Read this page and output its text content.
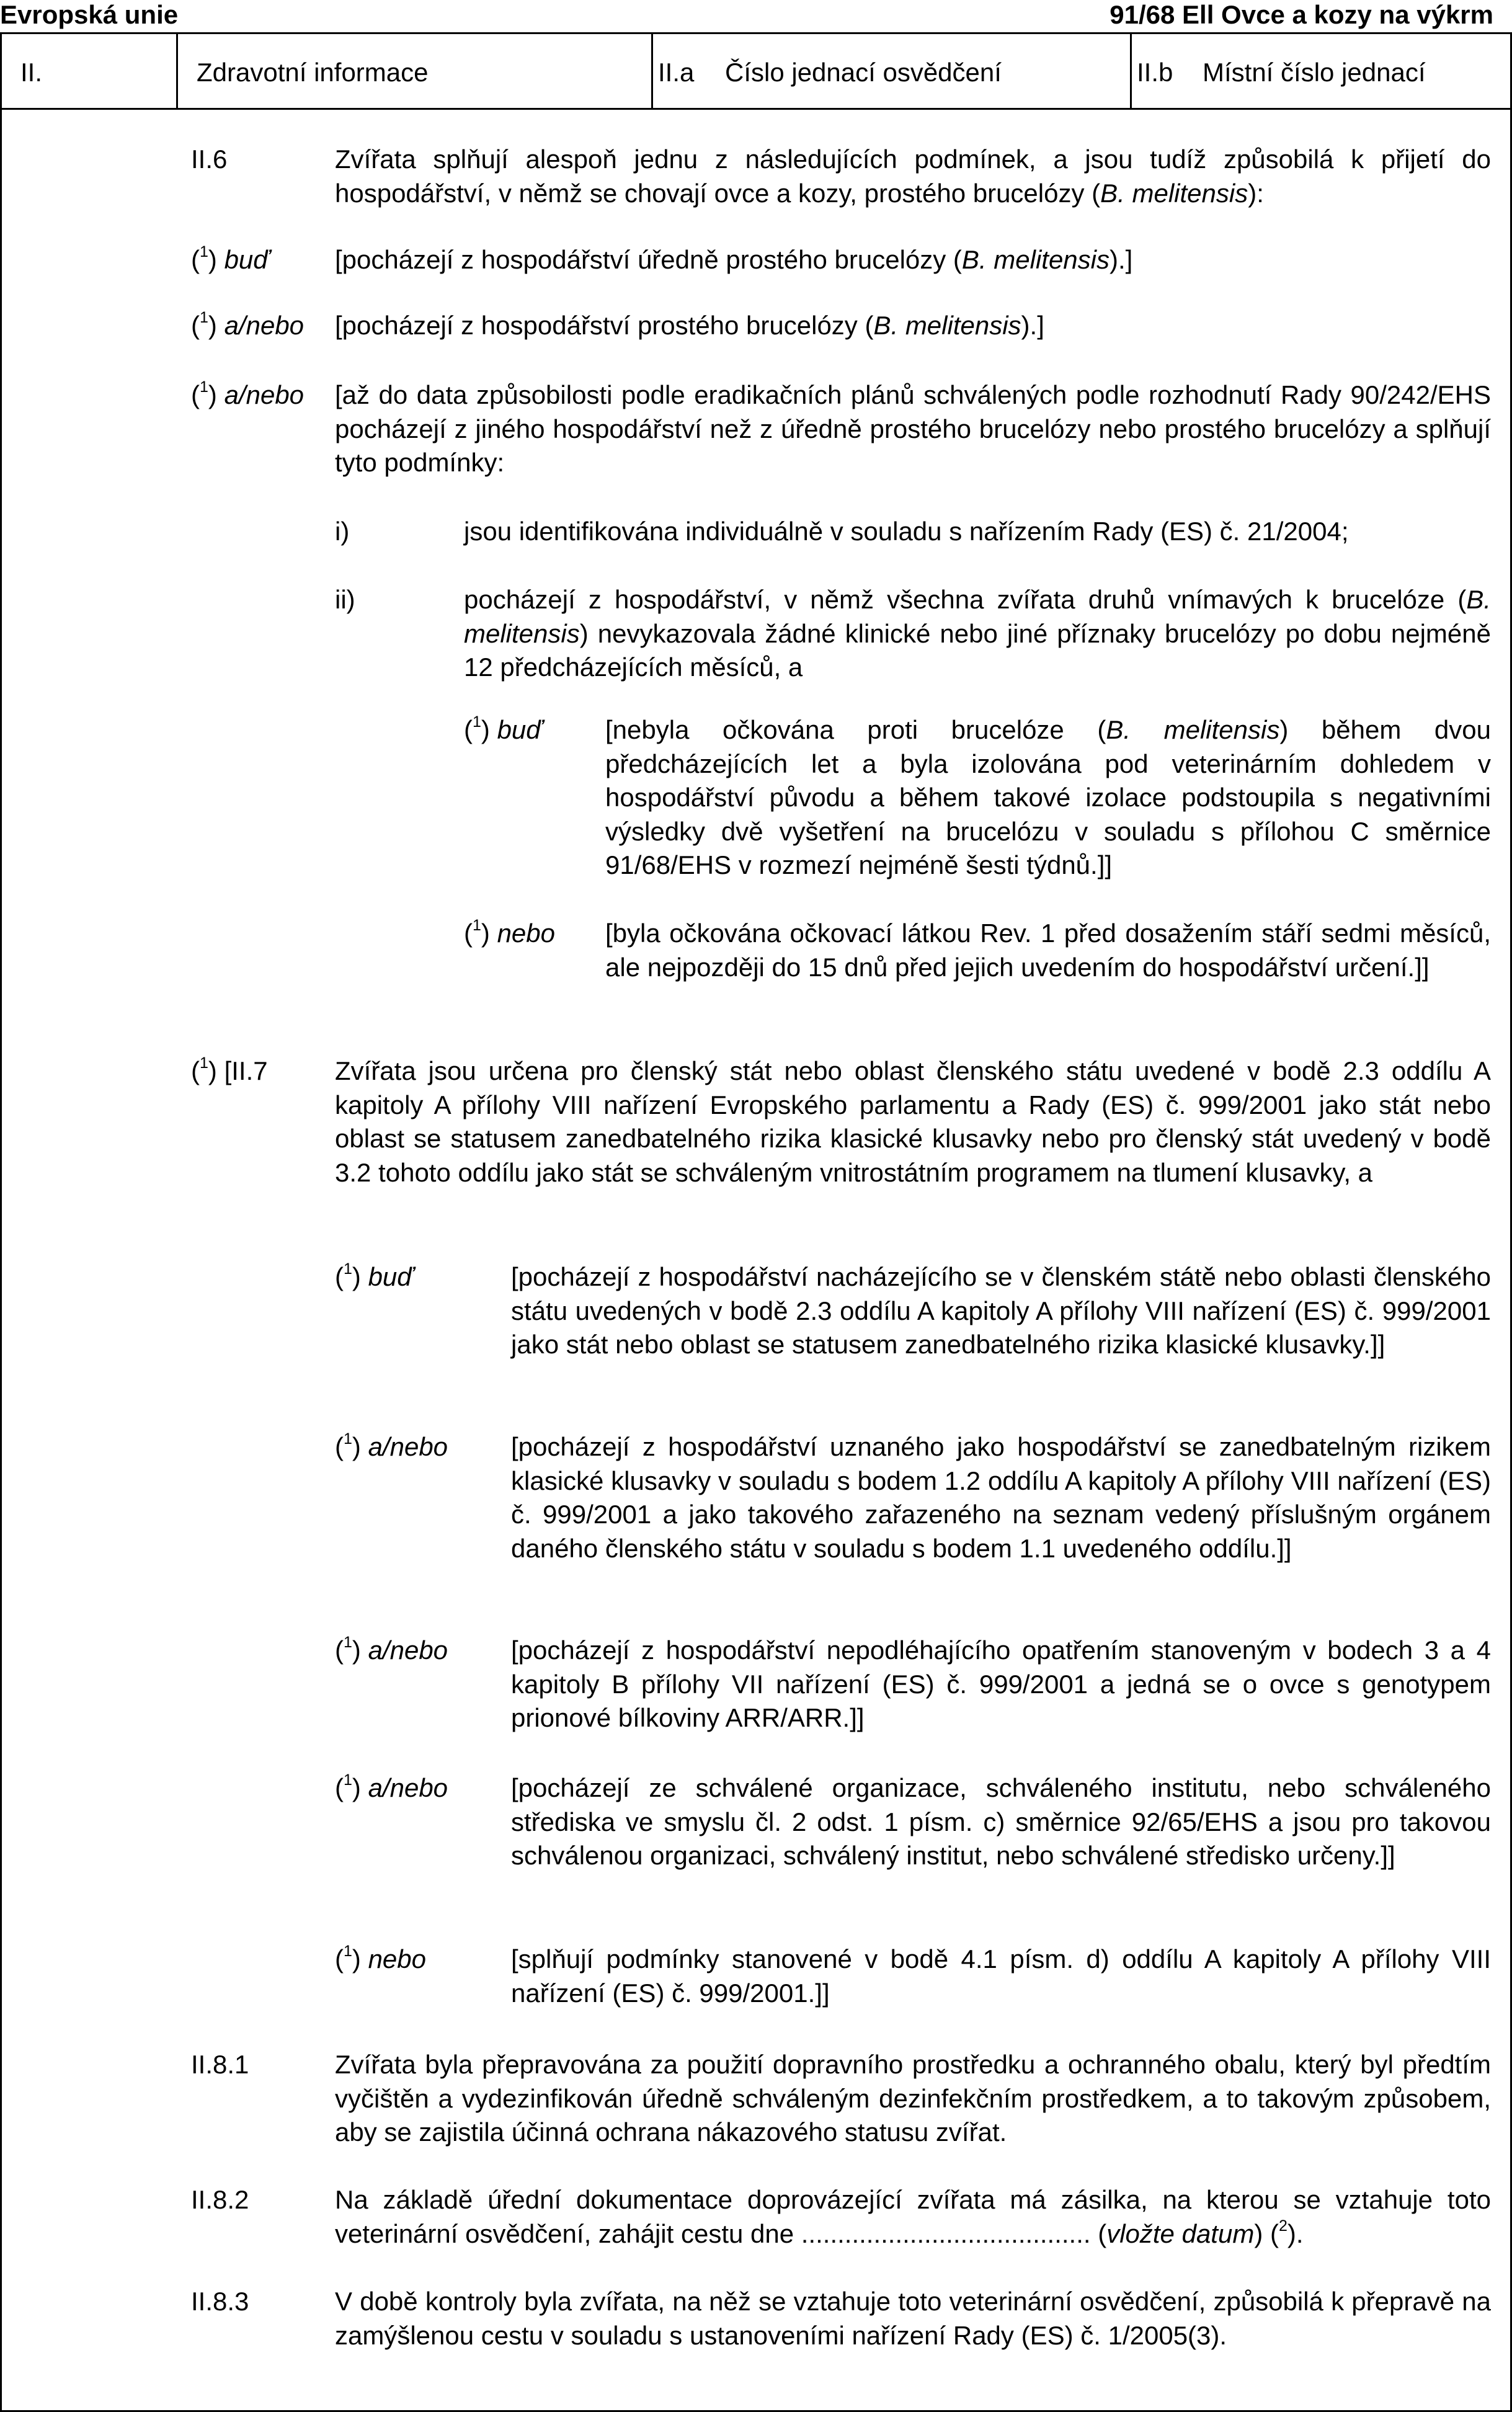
Evropská unie	91/68 Ell Ovce a kozy na výkrm
II.	Zdravotní informace	II.a Číslo jednací osvědčení	II.b Místní číslo jednací
II.6	Zvířata splňují alespoň jednu z následujících podmínek, a jsou tudíž způsobilá k přijetí do hospodářství, v němž se chovají ovce a kozy, prostého brucelózy (B. melitensis):
($^1$) buď	[pocházejí z hospodářství úředně prostého brucelózy (B. melitensis).]
($^1$) a/nebo [pocházejí z hospodářství prostého brucelózy (B. melitensis).]
($^1$) a/nebo [až do data způsobilosti podle eradikačních plánů schválených podle rozhodnutí Rady 90/242/EHS pocházejí z jiného hospodářství než z úředně prostého brucelózy nebo prostého brucelózy a splňují tyto podmínky:
i)	jsou identifikována individuálně v souladu s nařízením Rady (ES) č. 21/2004;
ii)	pocházejí z hospodářství, v němž všechna zvířata druhů vnímavých k brucelóze (B. melitensis) nevykazovala žádné klinické nebo jiné příznaky brucelózy po dobu nejméně 12 předcházejících měsíců, a
($^1$) buď [nebyla očkována proti brucelóze (B. melitensis) během dvou předcházejících let a byla izolována pod veterinárním dohledem v hospodářství původu a během takové izolace podstoupila s negativními výsledky dvě vyšetření na brucelózu v souladu s přílohou C směrnice 91/68/EHS v rozmezí nejméně šesti týdnů.]]
($^1$) nebo [byla očkována očkovací látkou Rev. 1 před dosažením stáří sedmi měsíců, ale nejpozději do 15 dnů před jejich uvedením do hospodářství určení.]]
($^1$) [II.7	Zvířata jsou určena pro členský stát nebo oblast členského státu uvedené v bodě 2.3 oddílu A kapitoly A přílohy VIII nařízení Evropského parlamentu a Rady (ES) č. 999/2001 jako stát nebo oblast se statusem zanedbatelného rizika klasické klusavky nebo pro členský stát uvedený v bodě 3.2 tohoto oddílu jako stát se schváleným vnitrostátním programem na tlumení klusavky, a
($^1$) buď	[pocházejí z hospodářství nacházejícího se v členském státě nebo oblasti členského státu uvedených v bodě 2.3 oddílu A kapitoly A přílohy VIII nařízení (ES) č. 999/2001 jako stát nebo oblast se statusem zanedbatelného rizika klasické klusavky.]]
($^1$) a/nebo [pocházejí z hospodářství uznaného jako hospodářství se zanedbatelným rizikem klasické klusavky v souladu s bodem 1.2 oddílu A kapitoly A přílohy VIII nařízení (ES) č. 999/2001 a jako takového zařazeného na seznam vedený příslušným orgánem daného členského státu v souladu s bodem 1.1 uvedeného oddílu.]]
($^1$) a/nebo [pocházejí z hospodářství nepodléhajícího opatřením stanoveným v bodech 3 a 4 kapitoly B přílohy VII nařízení (ES) č. 999/2001 a jedná se o ovce s genotypem prionové bílkoviny ARR/ARR.]]
($^1$) a/nebo [pocházejí ze schválené organizace, schváleného institutu, nebo schváleného střediska ve smyslu čl. 2 odst. 1 písm. c) směrnice 92/65/EHS a jsou pro takovou schválenou organizaci, schválený institut, nebo schválené středisko určeny.]]
($^1$) nebo	[splňují podmínky stanovené v bodě 4.1 písm. d) oddílu A kapitoly A přílohy VIII nařízení (ES) č. 999/2001.]]
II.8.1	Zvířata byla přepravována za použití dopravního prostředku a ochranného obalu, který byl předtím vyčištěn a vydezinfikován úředně schváleným dezinfekčním prostředkem, a to takovým způsobem, aby se zajistila účinná ochrana nákazového statusu zvířat.
II.8.2	Na základě úřední dokumentace doprovázející zvířata má zásilka, na kterou se vztahuje toto veterinární osvědčení, zahájit cestu dne ........................................ (vložte datum) ($^2$).
II.8.3	V době kontroly byla zvířata, na něž se vztahuje toto veterinární osvědčení, způsobilá k přepravě na zamýšlenou cestu v souladu s ustanoveními nařízení Rady (ES) č. 1/2005(3).
